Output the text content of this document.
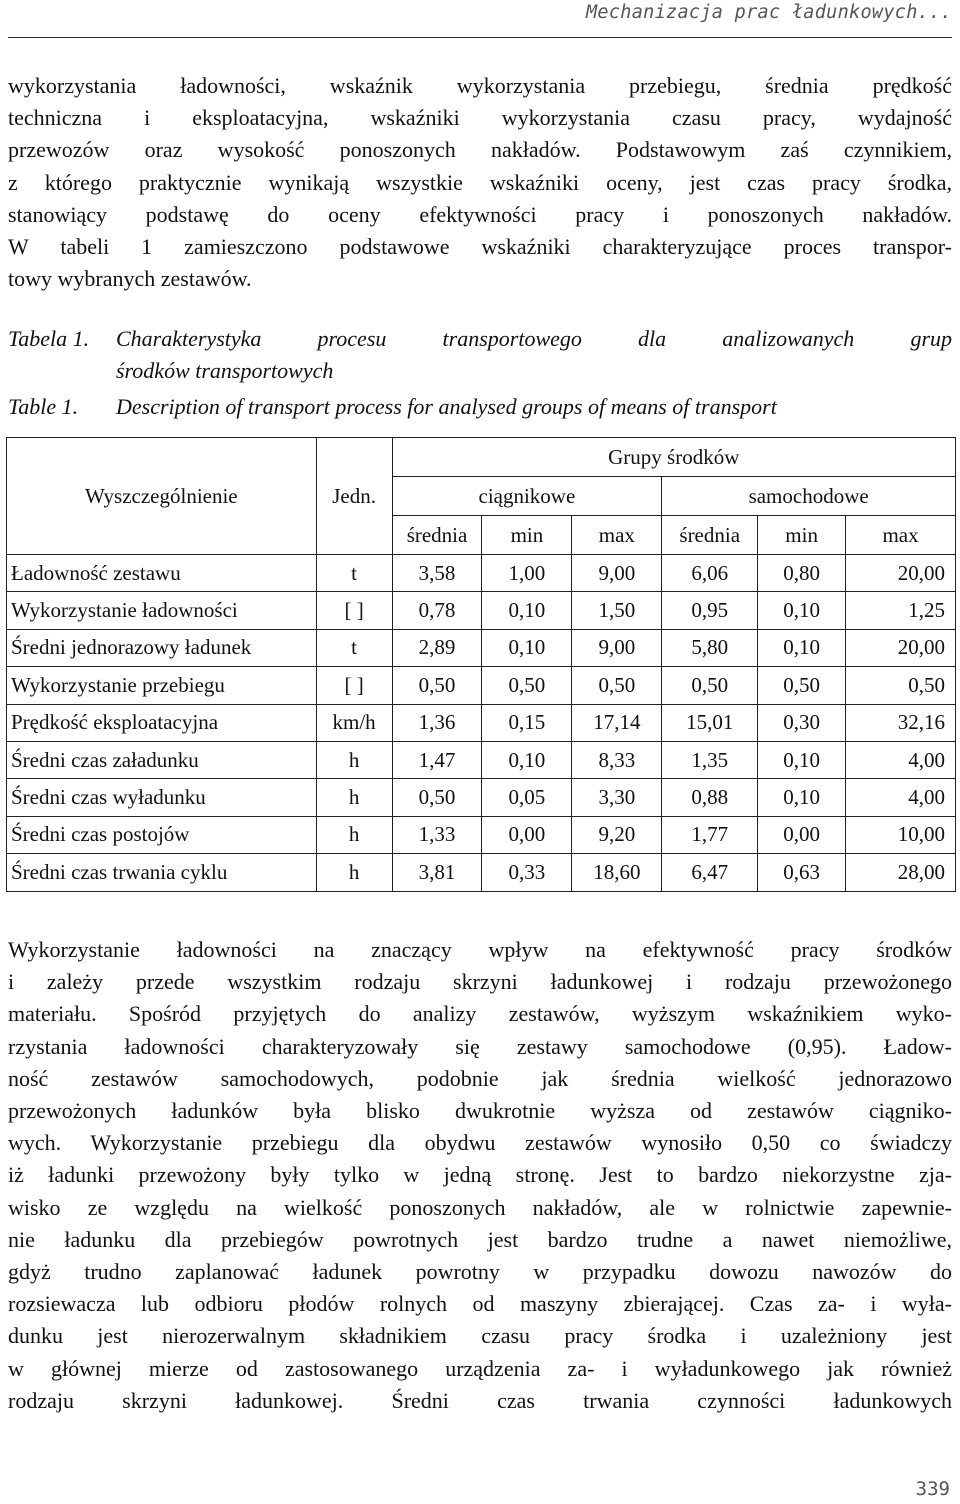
Mechanizacja prac ładunkowych...
wykorzystania ładowności, wskaźnik wykorzystania przebiegu, średnia prędkość
techniczna i eksploatacyjna, wskaźniki wykorzystania czasu pracy, wydajność
przewozów oraz wysokość ponoszonych nakładów. Podstawowym zaś czynnikiem,
z którego praktycznie wynikają wszystkie wskaźniki oceny, jest czas pracy środka,
stanowiący podstawę do oceny efektywności pracy i ponoszonych nakładów.
W tabeli 1 zamieszczono podstawowe wskaźniki charakteryzujące proces transpor-
towy wybranych zestawów.
Tabela 1.	Charakterystyka	procesu	transportowego	dla	analizowanych	grup
środków transportowych
Table 1. Description of transport process for analysed groups of means of transport
Wyszczególnienie	Jedn.	Grupy środków					
		ciągnikowe			samochodowe		
		średnia	min	max	średnia	min	max
Ładowność zestawu	t	3,58	1,00	9,00	6,06	0,80	20,00
Wykorzystanie ładowności	[ ]	0,78	0,10	1,50	0,95	0,10	1,25
Średni jednorazowy ładunek	t	2,89	0,10	9,00	5,80	0,10	20,00
Wykorzystanie przebiegu	[ ]	0,50	0,50	0,50	0,50	0,50	0,50
Prędkość eksploatacyjna	km/h	1,36	0,15	17,14	15,01	0,30	32,16
Średni czas załadunku	h	1,47	0,10	8,33	1,35	0,10	4,00
Średni czas wyładunku	h	0,50	0,05	3,30	0,88	0,10	4,00
Średni czas postojów	h	1,33	0,00	9,20	1,77	0,00	10,00
Średni czas trwania cyklu	h	3,81	0,33	18,60	6,47	0,63	28,00
Wykorzystanie ładowności na znaczący wpływ na efektywność pracy środków
i zależy przede wszystkim rodzaju skrzyni ładunkowej i rodzaju przewożonego
materiału. Spośród przyjętych do analizy zestawów, wyższym wskaźnikiem wyko-
rzystania ładowności charakteryzowały się zestawy samochodowe (0,95). Ładow-
ność zestawów samochodowych, podobnie jak średnia wielkość jednorazowo
przewożonych ładunków była blisko dwukrotnie wyższa od zestawów ciągniko-
wych. Wykorzystanie przebiegu dla obydwu zestawów wynosiło 0,50 co świadczy
iż ładunki przewożony były tylko w jedną stronę. Jest to bardzo niekorzystne zja-
wisko ze względu na wielkość ponoszonych nakładów, ale w rolnictwie zapewnie-
nie ładunku dla przebiegów powrotnych jest bardzo trudne a nawet niemożliwe,
gdyż trudno zaplanować ładunek powrotny w przypadku dowozu nawozów do
rozsiewacza lub odbioru płodów rolnych od maszyny zbierającej. Czas za- i wyła-
dunku jest nierozerwalnym składnikiem czasu pracy środka i uzależniony jest
w głównej mierze od zastosowanego urządzenia za- i wyładunkowego jak również
rodzaju skrzyni ładunkowej. Średni czas trwania czynności ładunkowych
339
